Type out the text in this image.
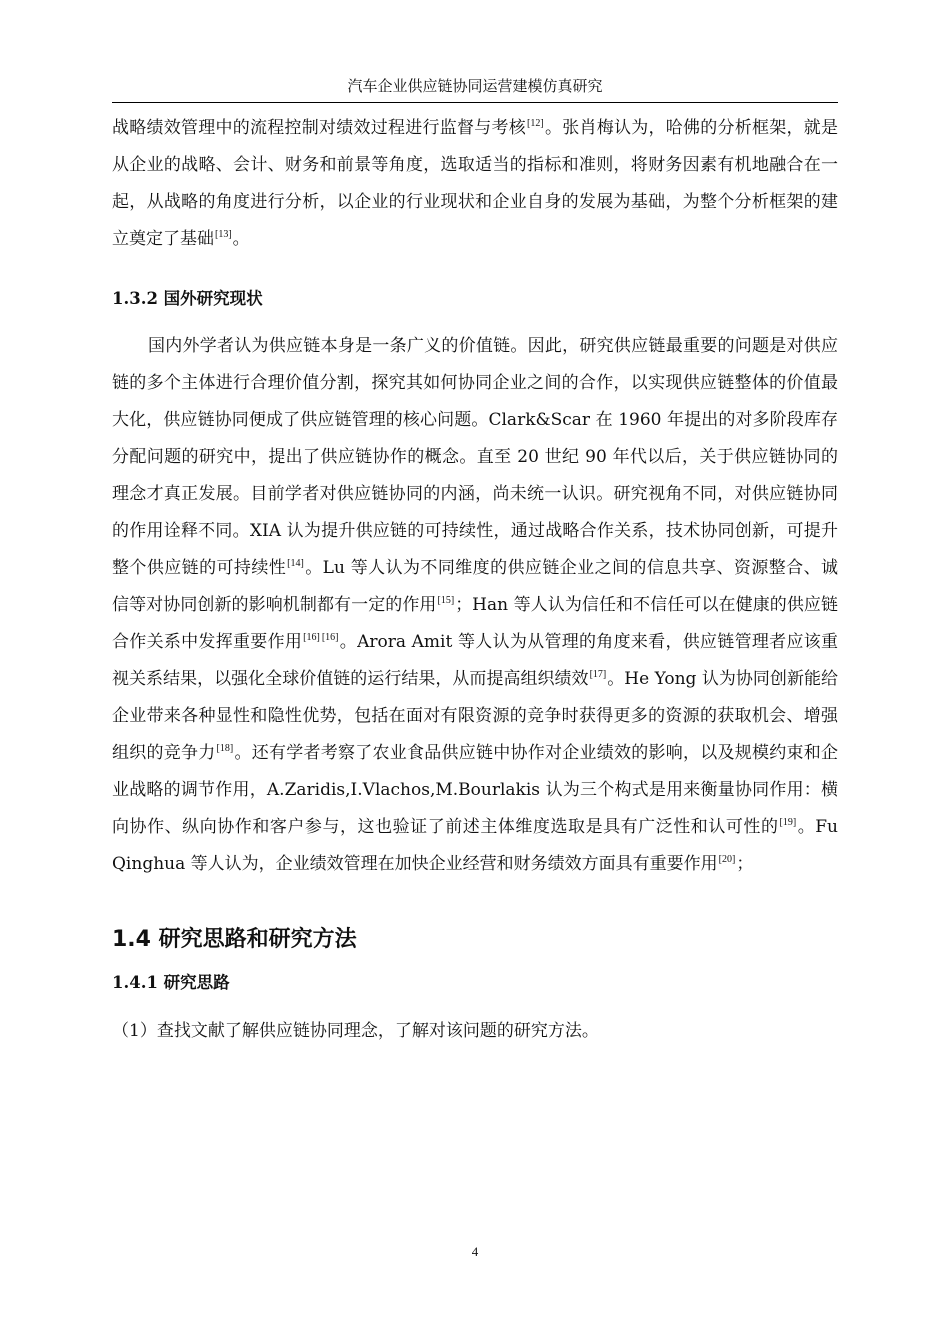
汽车企业供应链协同运营建模仿真研究

战略绩效管理中的流程控制对绩效过程进行监督与考核[12]。张肖梅认为，哈佛的分析框架，就是从企业的战略、会计、财务和前景等角度，选取适当的指标和准则，将财务因素有机地融合在一起，从战略的角度进行分析，以企业的行业现状和企业自身的发展为基础，为整个分析框架的建立奠定了基础[13]。

1.3.2 国外研究现状

国内外学者认为供应链本身是一条广义的价值链。因此，研究供应链最重要的问题是对供应链的多个主体进行合理价值分割，探究其如何协同企业之间的合作，以实现供应链整体的价值最大化，供应链协同便成了供应链管理的核心问题。Clark&Scar 在 1960 年提出的对多阶段库存分配问题的研究中，提出了供应链协作的概念。直至 20 世纪 90 年代以后，关于供应链协同的理念才真正发展。目前学者对供应链协同的内涵，尚未统一认识。研究视角不同，对供应链协同的作用诠释不同。XIA 认为提升供应链的可持续性，通过战略合作关系，技术协同创新，可提升整个供应链的可持续性[14]。Lu 等人认为不同维度的供应链企业之间的信息共享、资源整合、诚信等对协同创新的影响机制都有一定的作用[15]；Han 等人认为信任和不信任可以在健康的供应链合作关系中发挥重要作用[16] [16]。Arora Amit 等人认为从管理的角度来看，供应链管理者应该重视关系结果，以强化全球价值链的运行结果，从而提高组织绩效[17]。He Yong 认为协同创新能给企业带来各种显性和隐性优势，包括在面对有限资源的竞争时获得更多的资源的获取机会、增强组织的竞争力[18]。还有学者考察了农业食品供应链中协作对企业绩效的影响，以及规模约束和企业战略的调节作用，A.Zaridis,I.Vlachos,M.Bourlakis 认为三个构式是用来衡量协同作用：横向协作、纵向协作和客户参与，这也验证了前述主体维度选取是具有广泛性和认可性的[19]。Fu Qinghua 等人认为，企业绩效管理在加快企业经营和财务绩效方面具有重要作用[20]；

1.4 研究思路和研究方法
1.4.1 研究思路

（1）查找文献了解供应链协同理念，了解对该问题的研究方法。

4
